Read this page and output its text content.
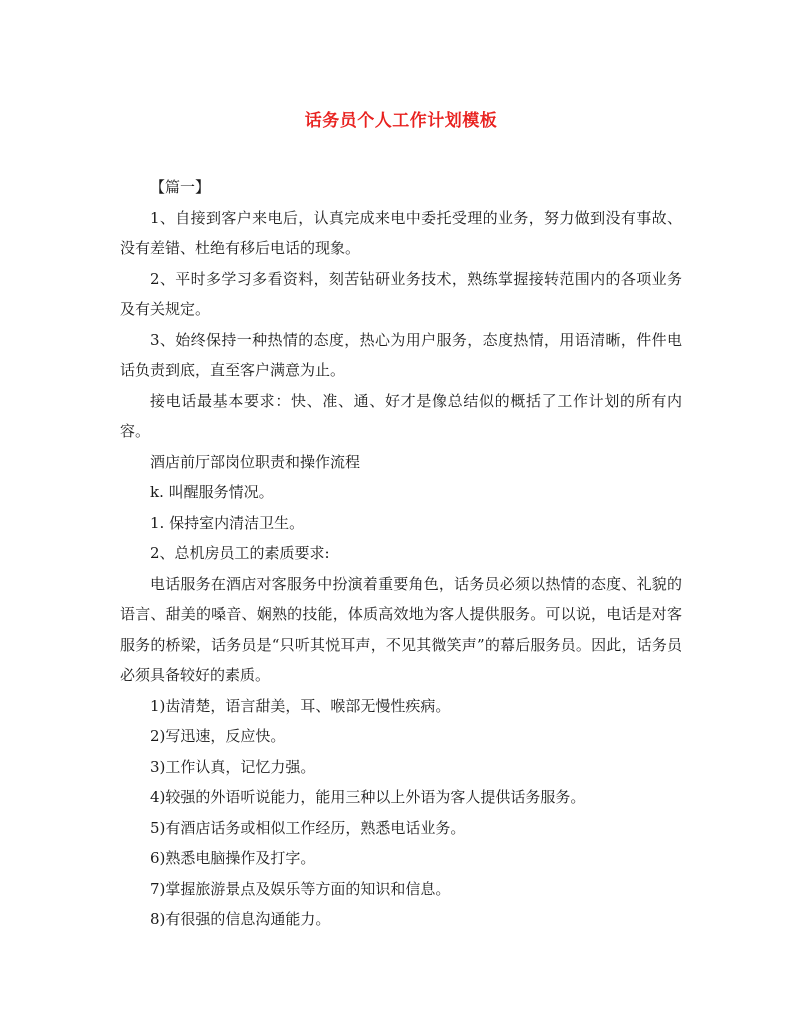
话务员个人工作计划模板

【篇一】

1、自接到客户来电后，认真完成来电中委托受理的业务，努力做到没有事故、没有差错、杜绝有移后电话的现象。

2、平时多学习多看资料，刻苦钻研业务技术，熟练掌握接转范围内的各项业务及有关规定。

3、始终保持一种热情的态度，热心为用户服务，态度热情，用语清晰，件件电话负责到底，直至客户满意为止。

接电话最基本要求：快、准、通、好才是像总结似的概括了工作计划的所有内容。

酒店前厅部岗位职责和操作流程

k. 叫醒服务情况。

1. 保持室内清洁卫生。

2、总机房员工的素质要求:

电话服务在酒店对客服务中扮演着重要角色，话务员必须以热情的态度、礼貌的语言、甜美的嗓音、娴熟的技能，体质高效地为客人提供服务。可以说，电话是对客服务的桥梁，话务员是“只听其悦耳声，不见其微笑声”的幕后服务员。因此，话务员必须具备较好的素质。

1)齿清楚，语言甜美，耳、喉部无慢性疾病。

2)写迅速，反应快。

3)工作认真，记忆力强。

4)较强的外语听说能力，能用三种以上外语为客人提供话务服务。

5)有酒店话务或相似工作经历，熟悉电话业务。

6)熟悉电脑操作及打字。

7)掌握旅游景点及娱乐等方面的知识和信息。

8)有很强的信息沟通能力。
